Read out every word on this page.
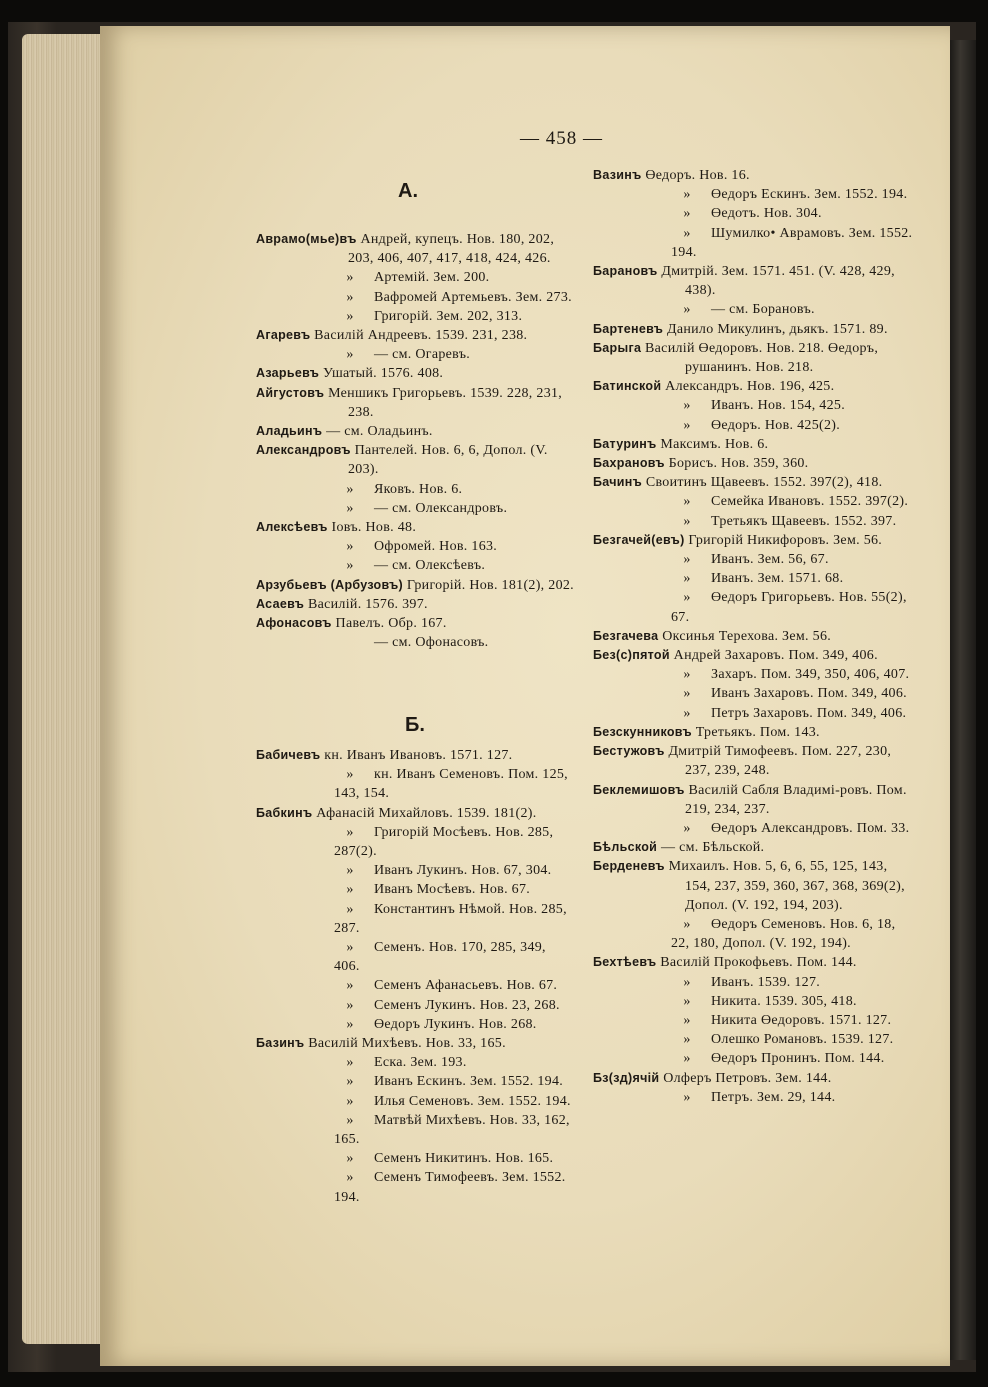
— 458 —
А.
Б.

Аврамо(мье)въ Андрей, купецъ. Нов. 180, 202, 203, 406, 407, 417, 418, 424, 426.

» Артемій. Зем. 200.

» Вафромей Артемьевъ. Зем. 273.

» Григорій. Зем. 202, 313.

Агаревъ Василій Андреевъ. 1539. 231, 238.

» — см. Огаревъ.

Азарьевъ Ушатый. 1576. 408.

Айгустовъ Меншикъ Григорьевъ. 1539. 228, 231, 238.

Аладьинъ — см. Оладьинъ.

Александровъ Пантелей. Нов. 6, 6, Допол. (V. 203).

» Яковъ. Нов. 6.

» — см. Олександровъ.

Алексѣевъ Іовъ. Нов. 48.

» Офромей. Нов. 163.

» — см. Олексѣевъ.

Арзубьевъ (Арбузовъ) Григорій. Нов. 181(2), 202.

Асаевъ Василій. 1576. 397.

Афонасовъ Павелъ. Обр. 167.

— см. Офонасовъ.

Бабичевъ кн. Иванъ Ивановъ. 1571. 127.

» кн. Иванъ Семеновъ. Пом. 125, 143, 154.

Бабкинъ Афанасій Михайловъ. 1539. 181(2).

» Григорій Мосѣевъ. Нов. 285, 287(2).

» Иванъ Лукинъ. Нов. 67, 304.

» Иванъ Мосѣевъ. Нов. 67.

» Константинъ Нѣмой. Нов. 285, 287.

» Семенъ. Нов. 170, 285, 349, 406.

» Семенъ Афанасьевъ. Нов. 67.

» Семенъ Лукинъ. Нов. 23, 268.

» Өедоръ Лукинъ. Нов. 268.

Базинъ Василій Михѣевъ. Нов. 33, 165.

» Еска. Зем. 193.

» Иванъ Ескинъ. Зем. 1552. 194.

» Илья Семеновъ. Зем. 1552. 194.

» Матвѣй Михѣевъ. Нов. 33, 162, 165.

» Семенъ Никитинъ. Нов. 165.

» Семенъ Тимофеевъ. Зем. 1552. 194.

Вазинъ Өедоръ. Нов. 16.

» Өедоръ Ескинъ. Зем. 1552. 194.

» Өедотъ. Нов. 304.

» Шумилко• Аврамовъ. Зем. 1552. 194.

Барановъ Дмитрій. Зем. 1571. 451. (V. 428, 429, 438).

» — см. Борановъ.

Бартеневъ Данило Микулинъ, дьякъ. 1571. 89.

Барыга Василій Өедоровъ. Нов. 218. Өедоръ, рушанинъ. Нов. 218.

Батинской Александръ. Нов. 196, 425.

» Иванъ. Нов. 154, 425.

» Өедоръ. Нов. 425(2).

Батуринъ Максимъ. Нов. 6.

Бахрановъ Борисъ. Нов. 359, 360.

Бачинъ Своитинъ Щавеевъ. 1552. 397(2), 418.

» Семейка Ивановъ. 1552. 397(2).

» Третьякъ Щавеевъ. 1552. 397.

Безгачей(евъ) Григорій Никифоровъ. Зем. 56.

» Иванъ. Зем. 56, 67.

» Иванъ. Зем. 1571. 68.

» Өедоръ Григорьевъ. Нов. 55(2), 67.

Безгачева Оксинья Терехова. Зем. 56.

Без(с)пятой Андрей Захаровъ. Пом. 349, 406.

» Захаръ. Пом. 349, 350, 406, 407.

» Иванъ Захаровъ. Пом. 349, 406.

» Петръ Захаровъ. Пом. 349, 406.

Безскунниковъ Третьякъ. Пом. 143.

Бестужовъ Дмитрій Тимофеевъ. Пом. 227, 230, 237, 239, 248.

Беклемишовъ Василій Сабля Владимі-ровъ. Пом. 219, 234, 237.

» Өедоръ Александровъ. Пом. 33.

Бѣльской — см. Бѣльской.

Берденевъ Михаилъ. Нов. 5, 6, 6, 55, 125, 143, 154, 237, 359, 360, 367, 368, 369(2), Допол. (V. 192, 194, 203).

» Өедоръ Семеновъ. Нов. 6, 18, 22, 180, Допол. (V. 192, 194).

Бехтѣевъ Василій Прокофьевъ. Пом. 144.

» Иванъ. 1539. 127.

» Никита. 1539. 305, 418.

» Никита Өедоровъ. 1571. 127.

» Олешко Романовъ. 1539. 127.

» Өедоръ Пронинъ. Пом. 144.

Бз(зд)ячій Олферъ Петровъ. Зем. 144.

» Петръ. Зем. 29, 144.
